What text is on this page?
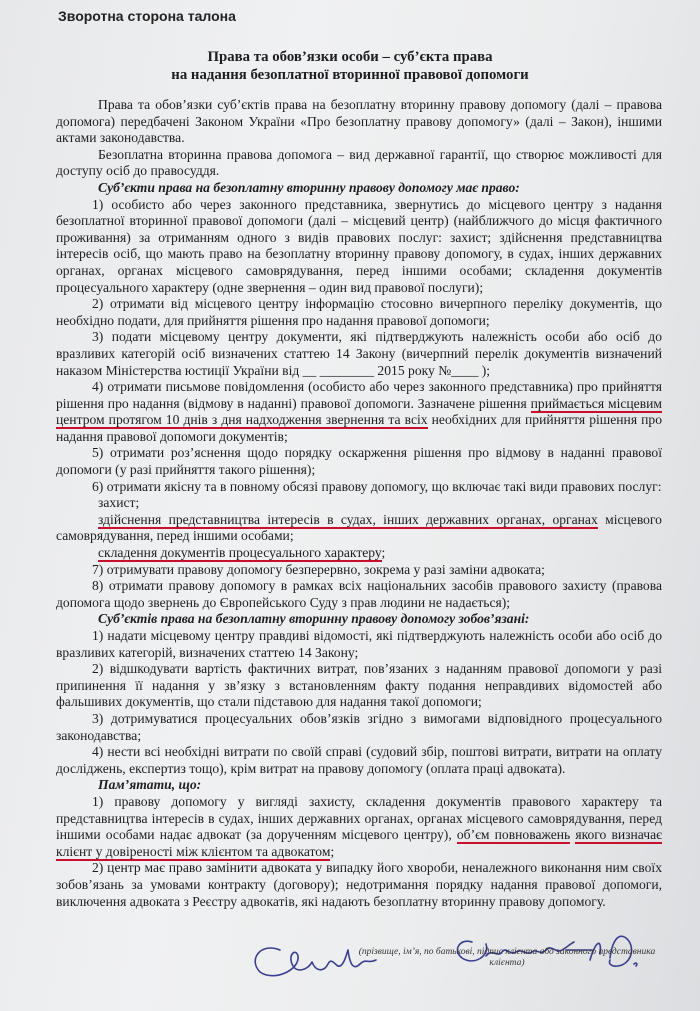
Зворотна сторона талона
Права та обов’язки особи – суб’єкта права
на надання безоплатної вторинної правової допомоги

Права та обов’язки суб’єктів права на безоплатну вторинну правову допомогу (далі – правова допомога) передбачені Законом України «Про безоплатну правову допомогу» (далі – Закон), іншими актами законодавства.

Безоплатна вторинна правова допомога – вид державної гарантії, що створює можливості для доступу осіб до правосуддя.

Суб’єкти права на безоплатну вторинну правову допомогу має право:

1) особисто або через законного представника, звернутись до місцевого центру з надання безоплатної вторинної правової допомоги (далі – місцевий центр) (найближчого до місця фактичного проживання) за отриманням одного з видів правових послуг: захист; здійснення представництва інтересів осіб, що мають право на безоплатну вторинну правову допомогу, в судах, інших державних органах, органах місцевого самоврядування, перед іншими особами; складення документів процесуального характеру (одне звернення – один вид правової послуги);

2) отримати від місцевого центру інформацію стосовно вичерпного переліку документів, що необхідно подати, для прийняття рішення про надання правової допомоги;

3) подати місцевому центру документи, які підтверджують належність особи або осіб до вразливих категорій осіб визначених статтею 14 Закону (вичерпний перелік документів визначений наказом Міністерства юстиції України від __ ________ 2015 року №____ );

4) отримати письмове повідомлення (особисто або через законного представника) про прийняття рішення про надання (відмову в наданні) правової допомоги. Зазначене рішення приймається місцевим центром протягом 10 днів з дня надходження звернення та всіх необхідних для прийняття рішення про надання правової допомоги документів;

5) отримати роз’яснення щодо порядку оскарження рішення про відмову в наданні правової допомоги (у разі прийняття такого рішення);

6) отримати якісну та в повному обсязі правову допомогу, що включає такі види правових послуг:

захист;

здійснення представництва інтересів в судах, інших державних органах, органах місцевого самоврядування, перед іншими особами;

складення документів процесуального характеру;

7) отримувати правову допомогу безперервно, зокрема у разі заміни адвоката;

8) отримати правову допомогу в рамках всіх національних засобів правового захисту (правова допомога щодо звернень до Європейського Суду з прав людини не надається);

Суб’єктів права на безоплатну вторинну правову допомогу зобов’язані:

1) надати місцевому центру правдиві відомості, які підтверджують належність особи або осіб до вразливих категорій, визначених статтею 14 Закону;

2) відшкодувати вартість фактичних витрат, пов’язаних з наданням правової допомоги у разі припинення її надання у зв’язку з встановленням факту подання неправдивих відомостей або фальшивих документів, що стали підставою для надання такої допомоги;

3) дотримуватися процесуальних обов’язків згідно з вимогами відповідного процесуального законодавства;

4) нести всі необхідні витрати по своїй справі (судовий збір, поштові витрати, витрати на оплату досліджень, експертиз тощо), крім витрат на правову допомогу (оплата праці адвоката).

Пам’ятати, що:

1) правову допомогу у вигляді захисту, складення документів правового характеру та представництва інтересів в судах, інших державних органах, органах місцевого самоврядування, перед іншими особами надає адвокат (за дорученням місцевого центру), об’єм повноважень якого визначає клієнт у довіреності між клієнтом та адвокатом;

2) центр має право замінити адвоката у випадку його хвороби, неналежного виконання ним своїх зобов’язань за умовами контракту (договору); недотримання порядку надання правової допомоги, виключення адвоката з Реєстру адвокатів, які надають безоплатну вторинну правову допомогу.

(прізвище, ім’я, по батькові, підпис клієнта або законного представника клієнта)
